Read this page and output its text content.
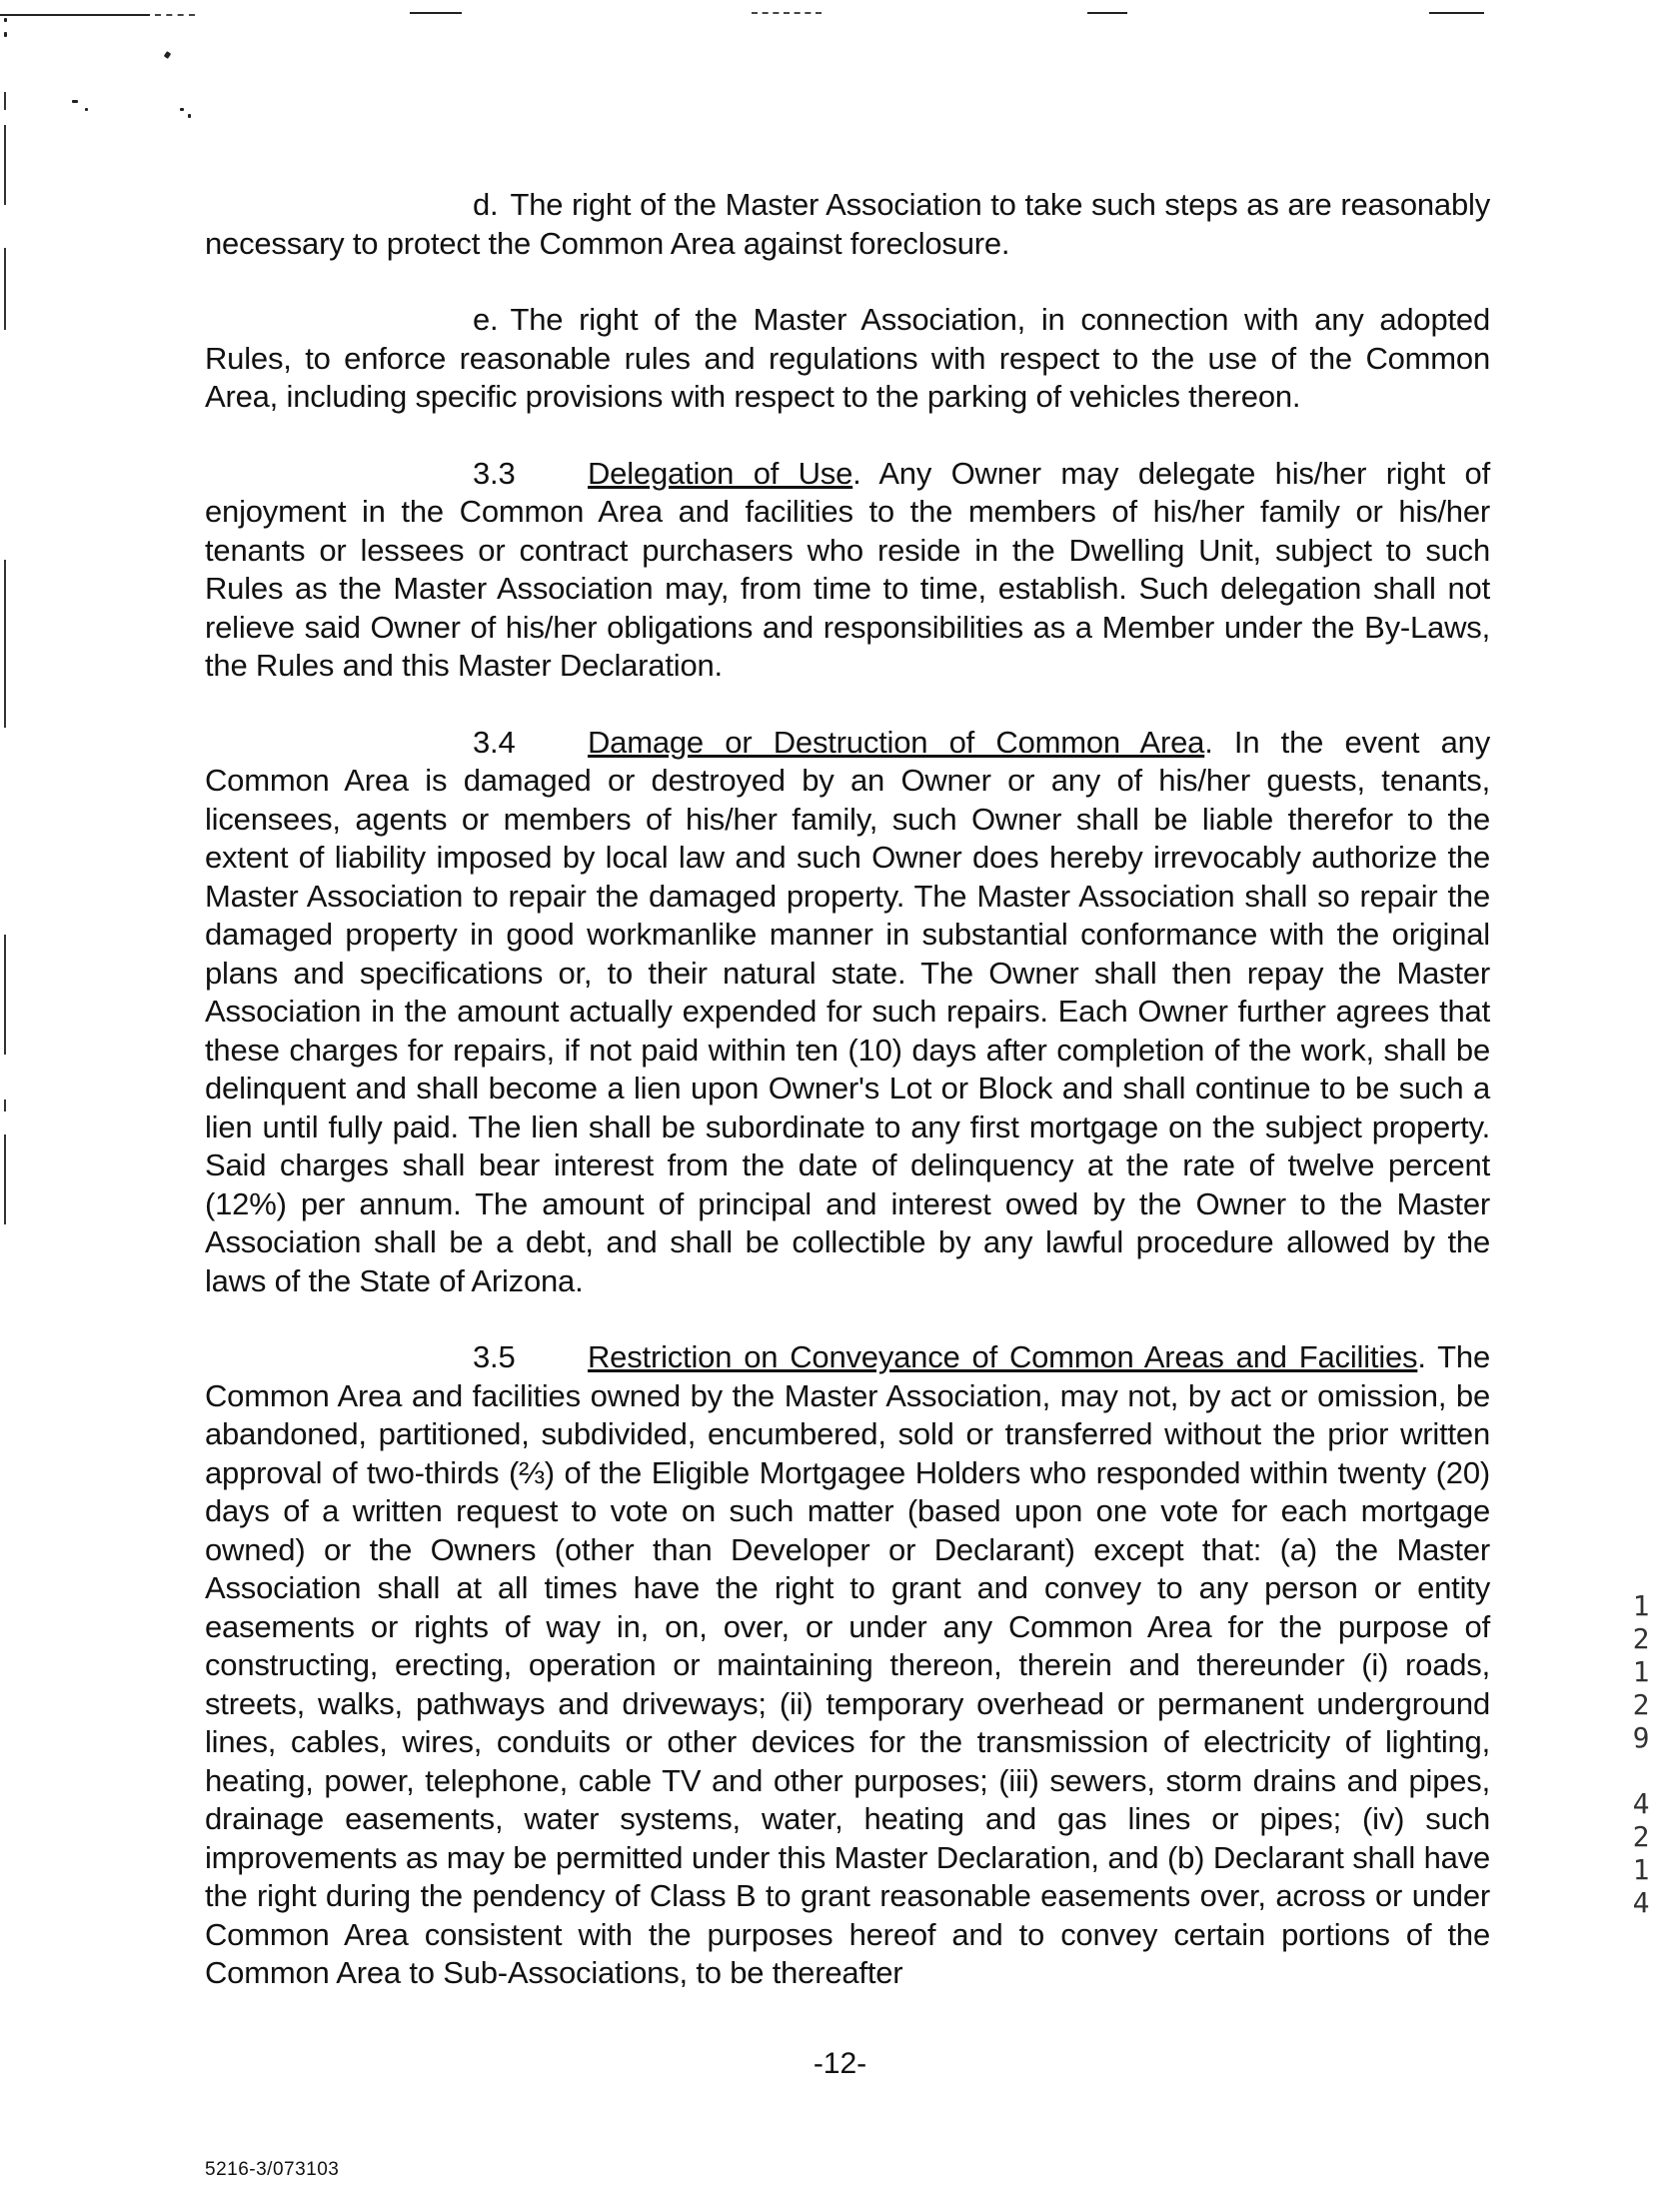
d. The right of the Master Association to take such steps as are reasonably necessary to protect the Common Area against foreclosure.

e. The right of the Master Association, in connection with any adopted Rules, to enforce reasonable rules and regulations with respect to the use of the Common Area, including specific provisions with respect to the parking of vehicles thereon.

3.3 Delegation of Use. Any Owner may delegate his/her right of enjoyment in the Common Area and facilities to the members of his/her family or his/her tenants or lessees or contract purchasers who reside in the Dwelling Unit, subject to such Rules as the Master Association may, from time to time, establish. Such delegation shall not relieve said Owner of his/her obligations and responsibilities as a Member under the By-Laws, the Rules and this Master Declaration.

3.4 Damage or Destruction of Common Area. In the event any Common Area is damaged or destroyed by an Owner or any of his/her guests, tenants, licensees, agents or members of his/her family, such Owner shall be liable therefor to the extent of liability imposed by local law and such Owner does hereby irrevocably authorize the Master Association to repair the damaged property. The Master Association shall so repair the damaged property in good workmanlike manner in substantial conformance with the original plans and specifications or, to their natural state. The Owner shall then repay the Master Association in the amount actually expended for such repairs. Each Owner further agrees that these charges for repairs, if not paid within ten (10) days after completion of the work, shall be delinquent and shall become a lien upon Owner's Lot or Block and shall continue to be such a lien until fully paid. The lien shall be subordinate to any first mortgage on the subject property. Said charges shall bear interest from the date of delinquency at the rate of twelve percent (12%) per annum. The amount of principal and interest owed by the Owner to the Master Association shall be a debt, and shall be collectible by any lawful procedure allowed by the laws of the State of Arizona.

3.5 Restriction on Conveyance of Common Areas and Facilities. The Common Area and facilities owned by the Master Association, may not, by act or omission, be abandoned, partitioned, subdivided, encumbered, sold or transferred without the prior written approval of two-thirds (⅔) of the Eligible Mortgagee Holders who responded within twenty (20) days of a written request to vote on such matter (based upon one vote for each mortgage owned) or the Owners (other than Developer or Declarant) except that: (a) the Master Association shall at all times have the right to grant and convey to any person or entity easements or rights of way in, on, over, or under any Common Area for the purpose of constructing, erecting, operation or maintaining thereon, therein and thereunder (i) roads, streets, walks, pathways and driveways; (ii) temporary overhead or permanent underground lines, cables, wires, conduits or other devices for the transmission of electricity of lighting, heating, power, telephone, cable TV and other purposes; (iii) sewers, storm drains and pipes, drainage easements, water systems, water, heating and gas lines or pipes; (iv) such improvements as may be permitted under this Master Declaration, and (b) Declarant shall have the right during the pendency of Class B to grant reasonable easements over, across or under Common Area consistent with the purposes hereof and to convey certain portions of the Common Area to Sub-Associations, to be thereafter

-12-
5216-3/073103
1
2
1
2
9
4
2
1
4
